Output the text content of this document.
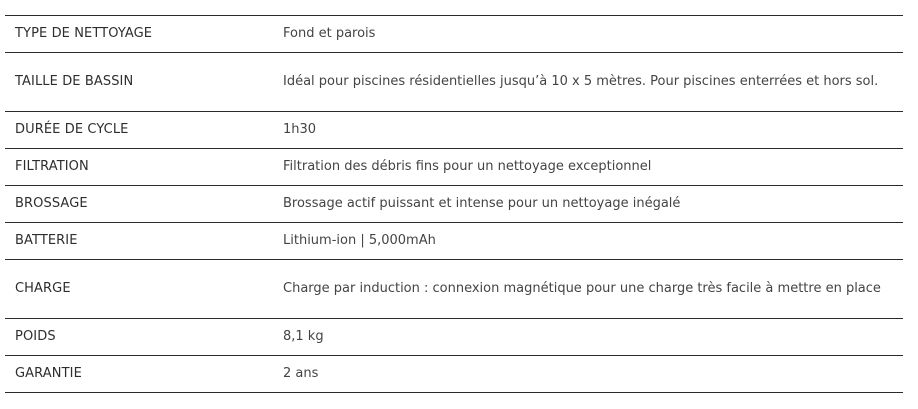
TYPE DE NETTOYAGE	Fond et parois
TAILLE DE BASSIN	Idéal pour piscines résidentielles jusqu’à 10 x 5 mètres. Pour piscines enterrées et hors sol.
DURÉE DE CYCLE	1h30
FILTRATION	Filtration des débris fins pour un nettoyage exceptionnel
BROSSAGE	Brossage actif puissant et intense pour un nettoyage inégalé
BATTERIE	Lithium-ion | 5,000mAh
CHARGE	Charge par induction : connexion magnétique pour une charge très facile à mettre en place
POIDS	8,1 kg
GARANTIE	2 ans
